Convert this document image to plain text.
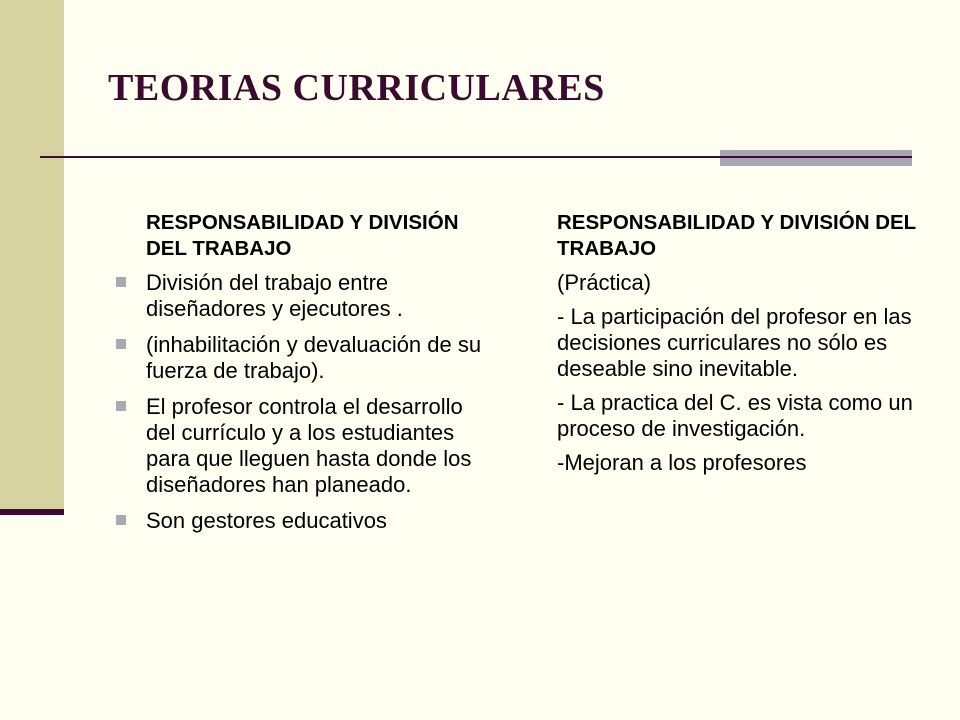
TEORIAS CURRICULARES

RESPONSABILIDAD Y DIVISIÓN DEL TRABAJO

División del trabajo entre diseñadores y ejecutores .
(inhabilitación y devaluación de su fuerza de trabajo).
El profesor controla el desarrollo del currículo y a los estudiantes para que lleguen hasta donde los diseñadores han planeado.
Son gestores educativos

RESPONSABILIDAD Y DIVISIÓN DEL TRABAJO

(Práctica)

- La participación del profesor en las decisiones curriculares no sólo es deseable sino inevitable.

- La practica del C. es vista como un proceso de investigación.

-Mejoran a los profesores
